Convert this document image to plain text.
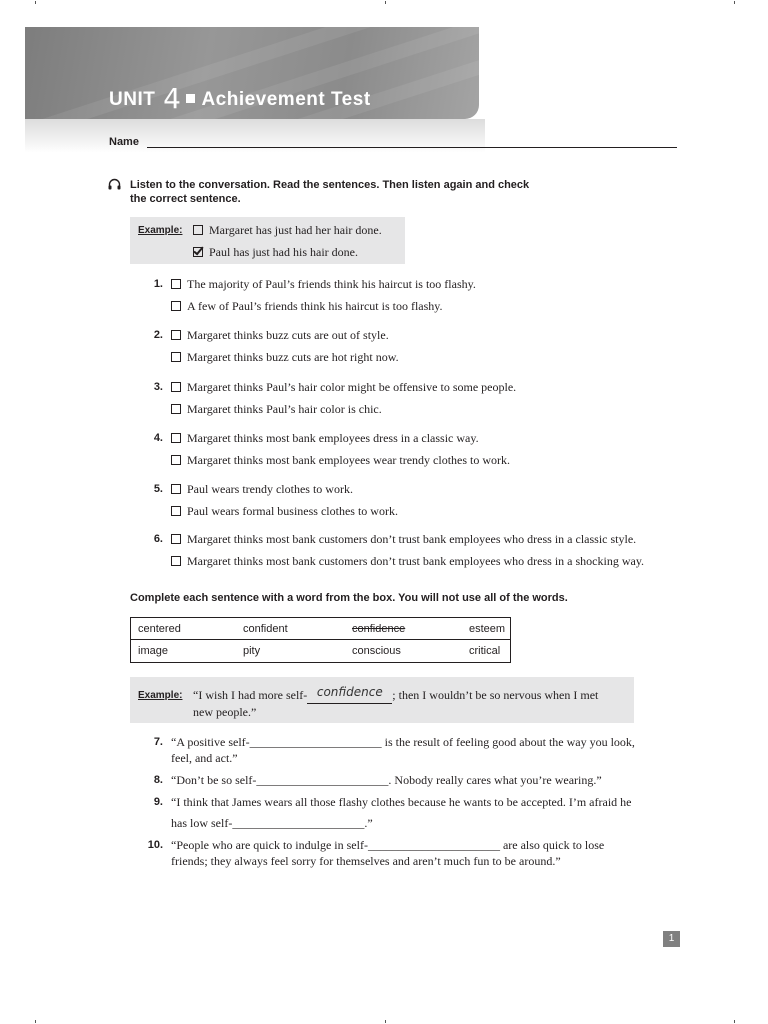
UNIT 4 Achievement Test
Name
Listen to the conversation. Read the sentences. Then listen again and check
the correct sentence.
Example:	Margaret has just had her hair done.
Paul has just had his hair done.
1.	The majority of Paul’s friends think his haircut is too flashy.
A few of Paul’s friends think his haircut is too flashy.
2.	Margaret thinks buzz cuts are out of style.
Margaret thinks buzz cuts are hot right now.
3.	Margaret thinks Paul’s hair color might be offensive to some people.
Margaret thinks Paul’s hair color is chic.
4.	Margaret thinks most bank employees dress in a classic way.
Margaret thinks most bank employees wear trendy clothes to work.
5.	Paul wears trendy clothes to work.
Paul wears formal business clothes to work.
6.	Margaret thinks most bank customers don’t trust bank employees who dress in a classic style.
Margaret thinks most bank customers don’t trust bank employees who dress in a shocking way.
Complete each sentence with a word from the box. You will not use all of the words.
centered	confident	confidence	esteem
image	pity	conscious	critical
Example: “I wish I had more self- confidence ; then I wouldn’t be so nervous when I met
new people.”
7. “A positive self-______________________ is the result of feeling good about the way you look,
feel, and act.”
8. “Don’t be so self-______________________. Nobody really cares what you’re wearing.”
9. “I think that James wears all those flashy clothes because he wants to be accepted. I’m afraid he
has low self-______________________.”
10. “People who are quick to indulge in self-______________________ are also quick to lose
friends; they always feel sorry for themselves and aren’t much fun to be around.”
1
